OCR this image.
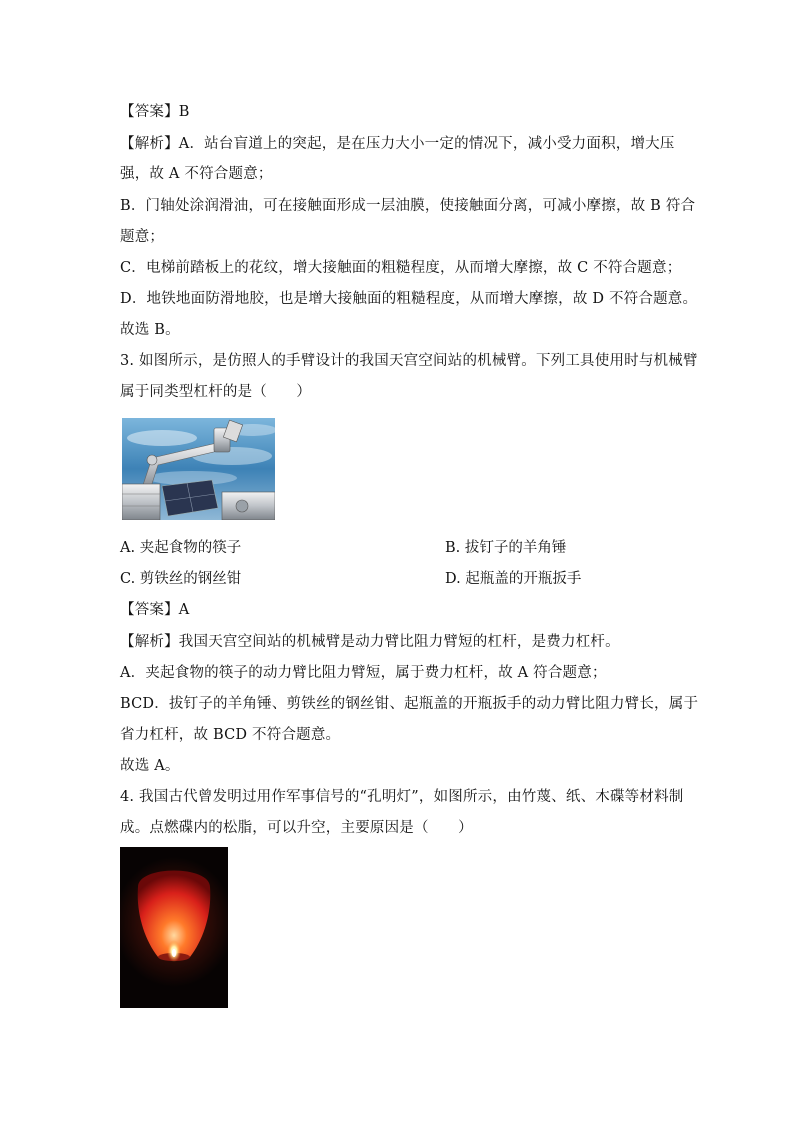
【答案】B
【解析】A．站台盲道上的突起，是在压力大小一定的情况下，减小受力面积，增大压
强，故 A 不符合题意；
B．门轴处涂润滑油，可在接触面形成一层油膜，使接触面分离，可减小摩擦，故 B 符合
题意；
C．电梯前踏板上的花纹，增大接触面的粗糙程度，从而增大摩擦，故 C 不符合题意；
D．地铁地面防滑地胶，也是增大接触面的粗糙程度，从而增大摩擦，故 D 不符合题意。
故选 B。
3. 如图所示，是仿照人的手臂设计的我国天宫空间站的机械臂。下列工具使用时与机械臂
属于同类型杠杆的是（　　）
A. 夹起食物的筷子	B. 拔钉子的羊角锤
C. 剪铁丝的钢丝钳	D. 起瓶盖的开瓶扳手
【答案】A
【解析】我国天宫空间站的机械臂是动力臂比阻力臂短的杠杆，是费力杠杆。
A．夹起食物的筷子的动力臂比阻力臂短，属于费力杠杆，故 A 符合题意；
BCD．拔钉子的羊角锤、剪铁丝的钢丝钳、起瓶盖的开瓶扳手的动力臂比阻力臂长，属于
省力杠杆，故 BCD 不符合题意。
故选 A。
4. 我国古代曾发明过用作军事信号的“孔明灯”，如图所示，由竹蔑、纸、木碟等材料制
成。点燃碟内的松脂，可以升空，主要原因是（　　）
